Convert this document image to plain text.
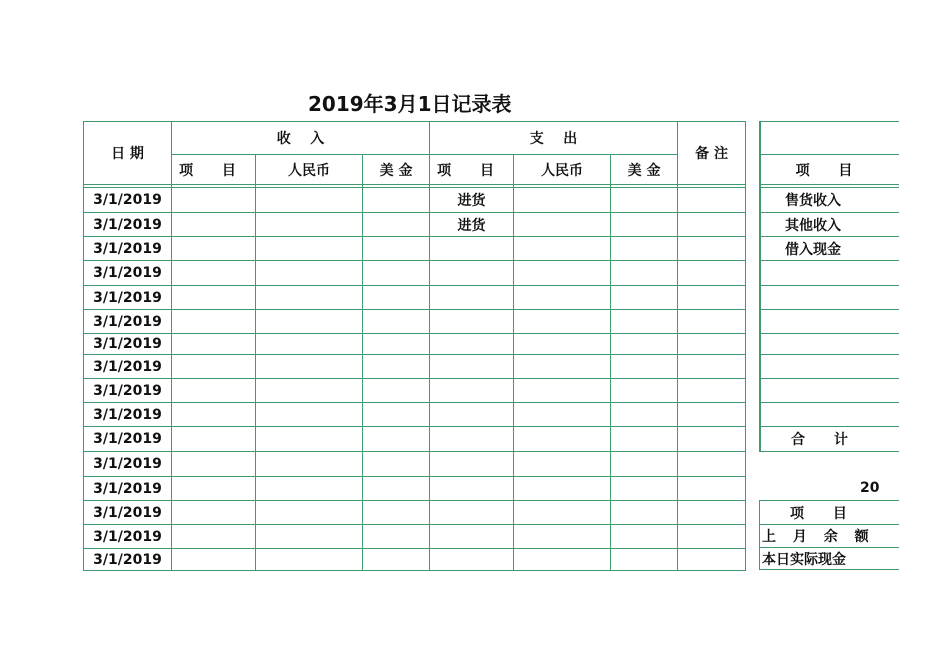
2019年3月1日记录表
日 期	收    入			支    出			备 注
	项 目	人民币	美 金	项 目	人民币	美 金	

3/1/2019				进货			
3/1/2019				进货			
3/1/2019							
3/1/2019							
3/1/2019							
3/1/2019							
3/1/2019							
3/1/2019							
3/1/2019							
3/1/2019							
3/1/2019							
3/1/2019							
3/1/2019							
3/1/2019							
3/1/2019							
3/1/2019							

项 目

售货收入
其他收入
借入现金

合 计
20
项 目
上 月 余 额
本日实际现金
